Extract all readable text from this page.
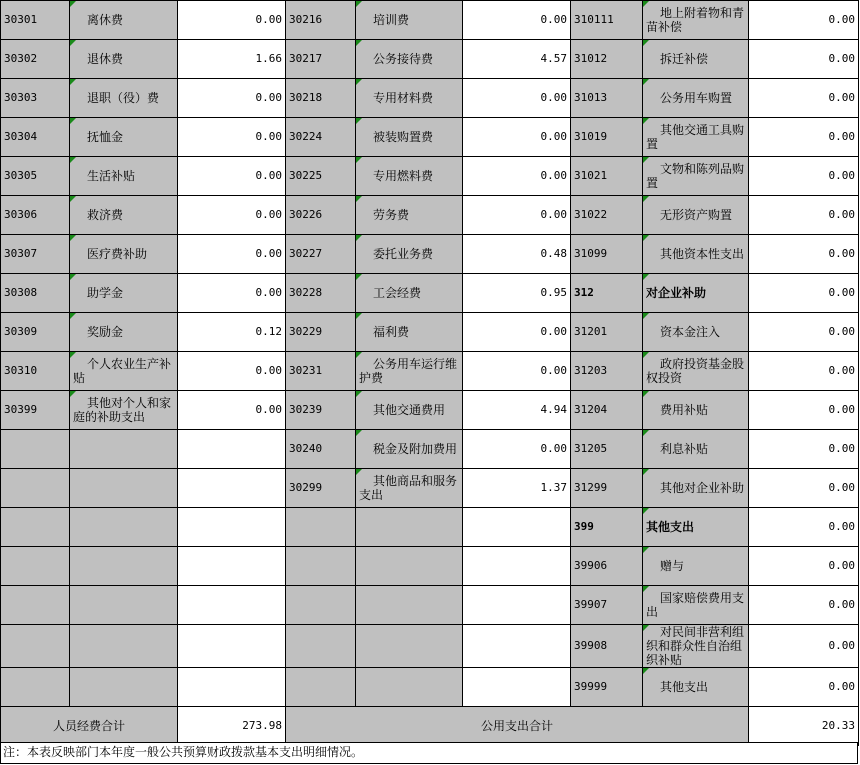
30301	离休费	0.00	30216	培训费	0.00	310111	地上附着物和青苗补偿	0.00
30302	退休费	1.66	30217	公务接待费	4.57	31012	拆迁补偿	0.00
30303	退职（役）费	0.00	30218	专用材料费	0.00	31013	公务用车购置	0.00
30304	抚恤金	0.00	30224	被装购置费	0.00	31019	其他交通工具购置	0.00
30305	生活补贴	0.00	30225	专用燃料费	0.00	31021	文物和陈列品购置	0.00
30306	救济费	0.00	30226	劳务费	0.00	31022	无形资产购置	0.00
30307	医疗费补助	0.00	30227	委托业务费	0.48	31099	其他资本性支出	0.00
30308	助学金	0.00	30228	工会经费	0.95	312	对企业补助	0.00
30309	奖励金	0.12	30229	福利费	0.00	31201	资本金注入	0.00
30310	个人农业生产补贴	0.00	30231	公务用车运行维护费	0.00	31203	政府投资基金股权投资	0.00
30399	其他对个人和家庭的补助支出	0.00	30239	其他交通费用	4.94	31204	费用补贴	0.00
			30240	税金及附加费用	0.00	31205	利息补贴	0.00
			30299	其他商品和服务支出	1.37	31299	其他对企业补助	0.00
						399	其他支出	0.00
						39906	赠与	0.00
						39907	国家赔偿费用支出	0.00
						39908	对民间非营利组织和群众性自治组织补贴	0.00
						39999	其他支出	0.00
人员经费合计		273.98	公用支出合计					20.33
注：本表反映部门本年度一般公共预算财政拨款基本支出明细情况。
